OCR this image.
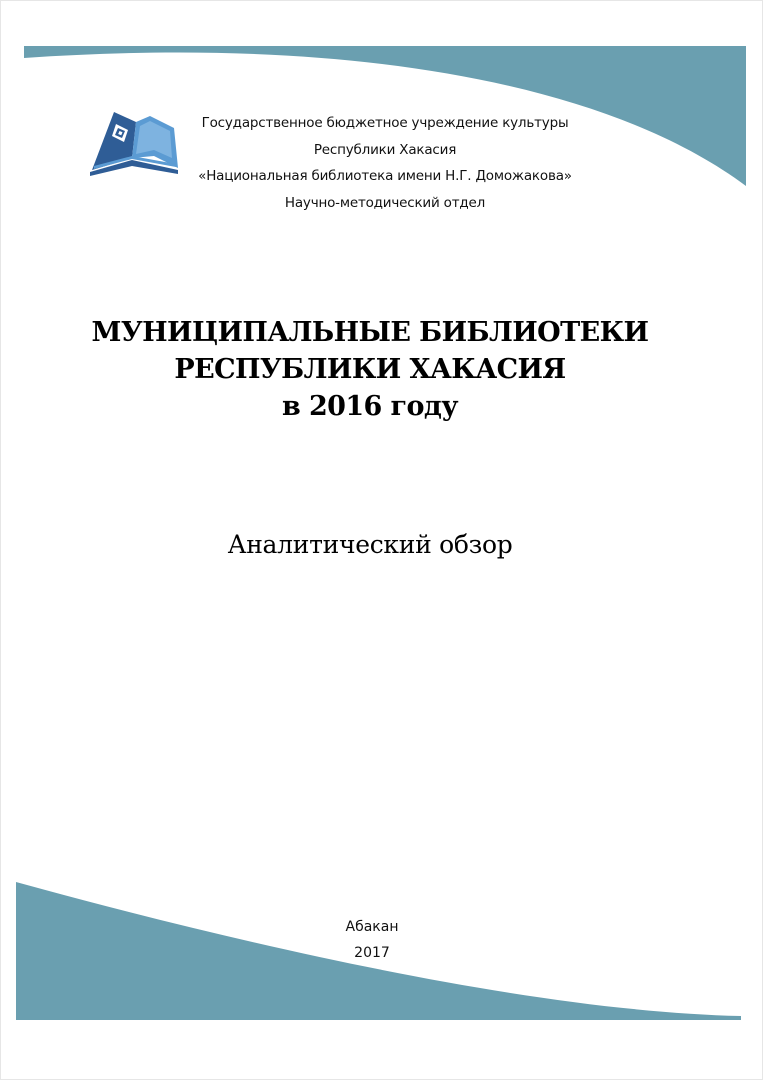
Государственное бюджетное учреждение культуры
Республики Хакасия
«Национальная библиотека имени Н.Г. Доможакова»
Научно-методический отдел
МУНИЦИПАЛЬНЫЕ БИБЛИОТЕКИ
РЕСПУБЛИКИ ХАКАСИЯ
в 2016 году
Аналитический обзор
Абакан
2017
